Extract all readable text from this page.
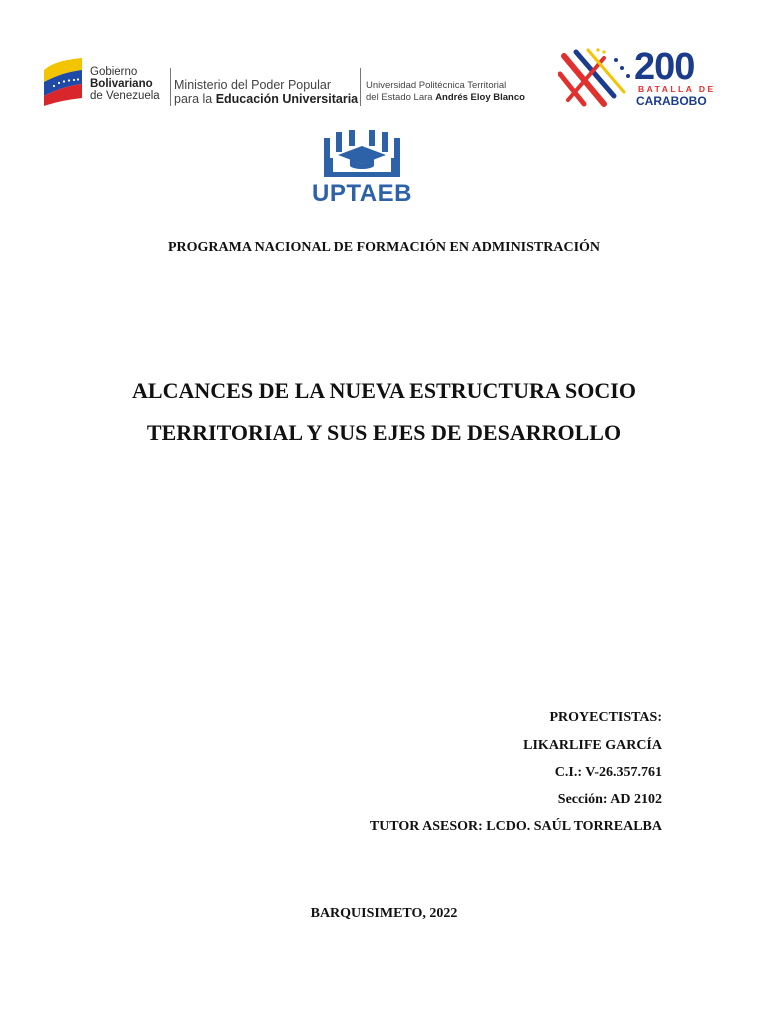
Gobierno
Bolivariano
de Venezuela
Ministerio del Poder Popular
para la Educación Universitaria
Universidad Politécnica Territorial
del Estado Lara Andrés Eloy Blanco
200
BATALLA DE
CARABOBO
UPTAEB
PROGRAMA NACIONAL DE FORMACIÓN EN ADMINISTRACIÓN
ALCANCES DE LA NUEVA ESTRUCTURA SOCIO
TERRITORIAL Y SUS EJES DE DESARROLLO
PROYECTISTAS:
LIKARLIFE GARCÍA
C.I.: V-26.357.761
Sección: AD 2102
TUTOR ASESOR: LCDO. SAÚL TORREALBA
BARQUISIMETO, 2022
